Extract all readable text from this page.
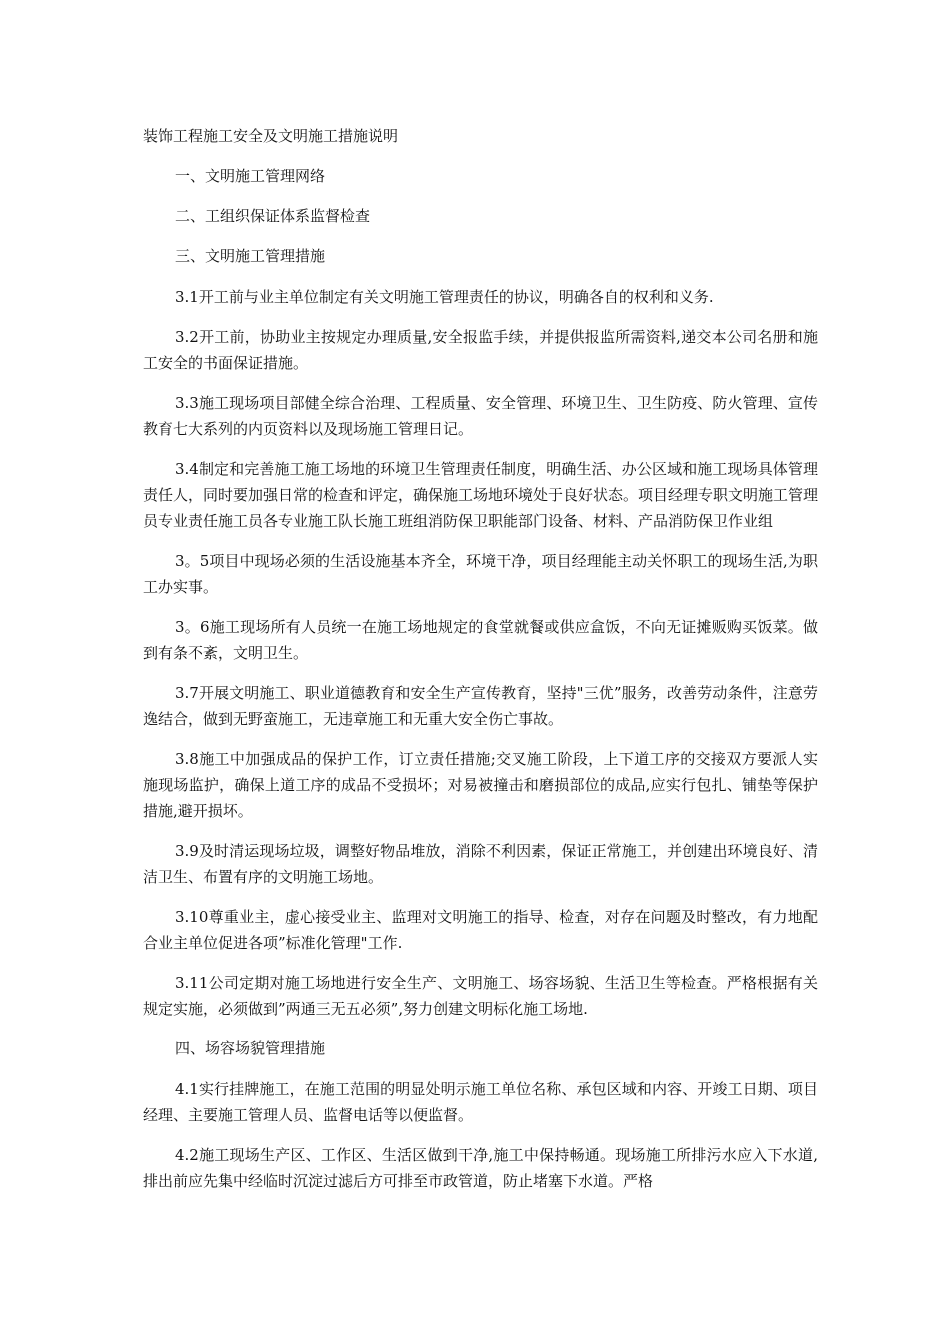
装饰工程施工安全及文明施工措施说明
一、文明施工管理网络
二、工组织保证体系监督检查
三、文明施工管理措施

3.1开工前与业主单位制定有关文明施工管理责任的协议，明确各自的权利和义务.

3.2开工前，协助业主按规定办理质量,安全报监手续，并提供报监所需资料,递交本公司名册和施工安全的书面保证措施。

3.3施工现场项目部健全综合治理、工程质量、安全管理、环境卫生、卫生防疫、防火管理、宣传教育七大系列的内页资料以及现场施工管理日记。

3.4制定和完善施工施工场地的环境卫生管理责任制度，明确生活、办公区域和施工现场具体管理责任人，同时要加强日常的检查和评定，确保施工场地环境处于良好状态。项目经理专职文明施工管理员专业责任施工员各专业施工队长施工班组消防保卫职能部门设备、材料、产品消防保卫作业组

3。5项目中现场必须的生活设施基本齐全，环境干净，项目经理能主动关怀职工的现场生活,为职工办实事。

3。6施工现场所有人员统一在施工场地规定的食堂就餐或供应盒饭，不向无证摊贩购买饭菜。做到有条不紊，文明卫生。

3.7开展文明施工、职业道德教育和安全生产宣传教育，坚持"三优”服务，改善劳动条件，注意劳逸结合，做到无野蛮施工，无违章施工和无重大安全伤亡事故。

3.8施工中加强成品的保护工作，订立责任措施;交叉施工阶段，上下道工序的交接双方要派人实施现场监护，确保上道工序的成品不受损坏；对易被撞击和磨损部位的成品,应实行包扎、铺垫等保护措施,避开损坏。

3.9及时清运现场垃圾，调整好物品堆放，消除不利因素，保证正常施工，并创建出环境良好、清洁卫生、布置有序的文明施工场地。

3.10尊重业主，虚心接受业主、监理对文明施工的指导、检查，对存在问题及时整改，有力地配合业主单位促进各项”标准化管理"工作.

3.11公司定期对施工场地进行安全生产、文明施工、场容场貌、生活卫生等检查。严格根据有关规定实施，必须做到”两通三无五必须”,努力创建文明标化施工场地.

四、场容场貌管理措施

4.1实行挂牌施工，在施工范围的明显处明示施工单位名称、承包区域和内容、开竣工日期、项目经理、主要施工管理人员、监督电话等以便监督。

4.2施工现场生产区、工作区、生活区做到干净,施工中保持畅通。现场施工所排污水应入下水道,排出前应先集中经临时沉淀过滤后方可排至市政管道，防止堵塞下水道。严格
